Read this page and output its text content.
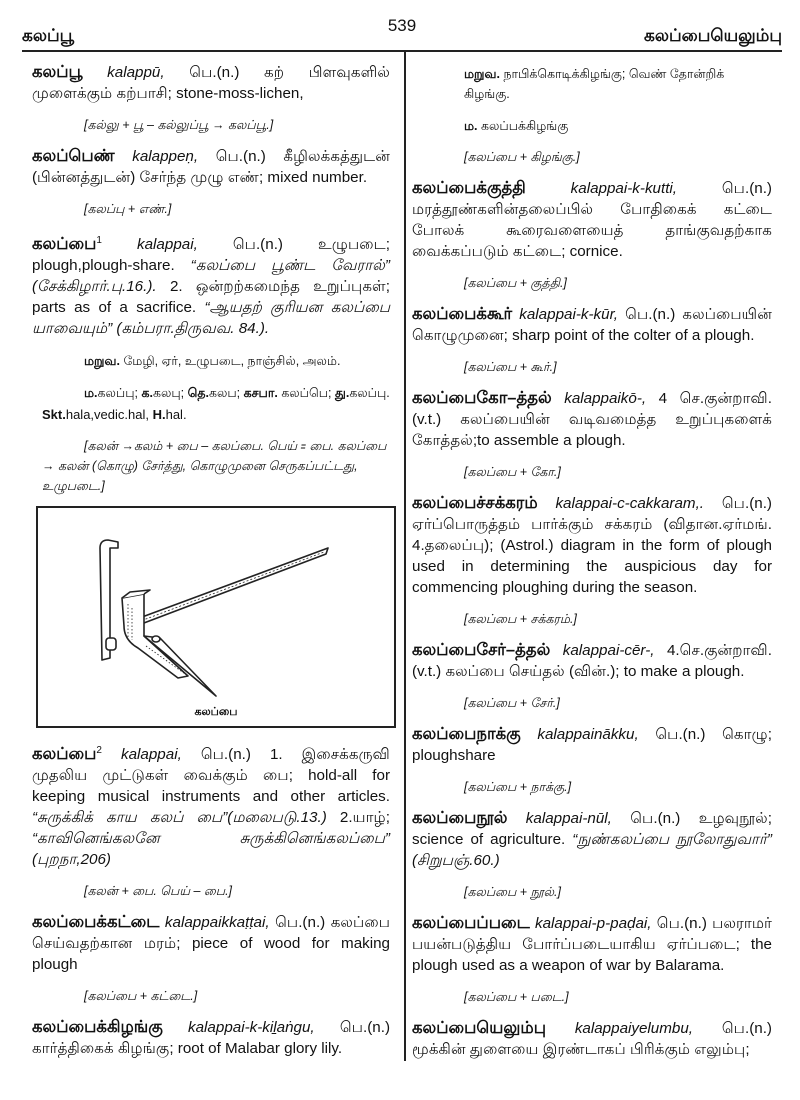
கலப்பூ
539
கலப்பையெலும்பு
கலப்பூ kalappū, பெ.(n.) கற் பிளவுகளில் முளைக்கும் கற்பாசி; stone-moss-lichen,
[கல்லு + பூ – கல்லுப்பூ → கலப்பூ.]
கலப்பெண் kalappeṇ, பெ.(n.) கீழிலக்கத்துடன் (பின்னத்துடன்) சேர்ந்த முழு எண்; mixed number.
[கலப்பு + எண்.]
கலப்பை$^1$ kalappai, பெ.(n.) உழுபடை; plough,plough-share. “கலப்பை பூண்ட வேரால்” (சேக்கிழார்.பு.16.). 2. ஒன்றற்கமைந்த உறுப்புகள்; parts as of a sacrifice. “ஆயதற் குரியன கலப்பை யாவையும்” (கம்பரா.திருவவ. 84.).
மறுவ. மேழி, ஏர், உழுபடை, நாஞ்சில், அலம்.
ம.கலப்பு; க.கலபு; தெ.கலப; கசபா. கலப்பெ; து.கலப்பு.
Skt.hala,vedic.hal, H.hal.
[கலன் →கலம் + பை – கலப்பை. பெய் ꞊ பை. கலப்பை → கலன் (கொழு) சேர்த்து, கொழுமுனை செருகப்பட்டது, உழுபடை.]
கலப்பை
கலப்பை$^2$ kalappai, பெ.(n.) 1. இசைக்கருவி முதலிய முட்டுகள் வைக்கும் பை; hold-all for keeping musical instruments and other articles. “சுருக்கிக் காய கலப் பை”(மலைபடு.13.) 2.யாழ்; “காவினெங்கலனே சுருக்கினெங்கலப்பை” (புறநா,206)
[கலன் + பை. பெய் – பை.]
கலப்பைக்கட்டை kalappaikkaṭṭai, பெ.(n.) கலப்பை செய்வதற்கான மரம்; piece of wood for making plough
[கலப்பை + கட்டை.]
கலப்பைக்கிழங்கு kalappai-k-kiḻaṅgu, பெ.(n.) கார்த்திகைக் கிழங்கு; root of Malabar glory lily.
மறுவ. நாபிக்கொடிக்கிழங்கு; வெண் தோன்றிக் கிழங்கு.
ம. கலப்பக்கிழங்கு
[கலப்பை + கிழங்கு.]
கலப்பைக்குத்தி	kalappai-k-kutti,	பெ.(n.) மரத்தூண்களின்தலைப்பில் போதிகைக் கட்டை போலக் கூரைவளையைத் தாங்குவதற்காக வைக்கப்படும் கட்டை; cornice.
[கலப்பை + குத்தி.]
கலப்பைக்கூர் kalappai-k-kūr, பெ.(n.) கலப்பையின் கொழுமுனை; sharp point of the colter of a plough.
[கலப்பை + கூர்.]
கலப்பைகோ–த்தல் kalappaikō-, 4 செ.குன்றாவி. (v.t.) கலப்பையின் வடிவமைத்த உறுப்புகளைக் கோத்தல்;to assemble a plough.
[கலப்பை + கோ.]
கலப்பைச்சக்கரம் kalappai-c-cakkaram,. பெ.(n.) ஏர்ப்பொருத்தம் பார்க்கும் சக்கரம் (விதான.ஏர்மங். 4.தலைப்பு); (Astrol.) diagram in the form of plough used in determining the auspicious day for commencing ploughing during the season.
[கலப்பை + சக்கரம்.]
கலப்பைசேர்–த்தல் kalappai-cēr-, 4.செ.குன்றாவி. (v.t.) கலப்பை செய்தல் (வின்.); to make a plough.
[கலப்பை + சேர்.]
கலப்பைநாக்கு kalappainākku, பெ.(n.) கொழு; ploughshare
[கலப்பை + நாக்கு.]
கலப்பைநூல் kalappai-nūl, பெ.(n.) உழவுநூல்; science of agriculture. “நுண்கலப்பை நூலோதுவார்” (சிறுபஞ்.60.)
[கலப்பை + நூல்.]
கலப்பைப்படை kalappai-p-paḍai, பெ.(n.) பலராமர் பயன்படுத்திய போர்ப்படையாகிய ஏர்ப்படை; the plough used as a weapon of war by Balarama.
[கலப்பை + படை.]
கலப்பையெலும்பு kalappaiyelumbu, பெ.(n.) மூக்கின் துளையை இரண்டாகப் பிரிக்கும் எலும்பு;
